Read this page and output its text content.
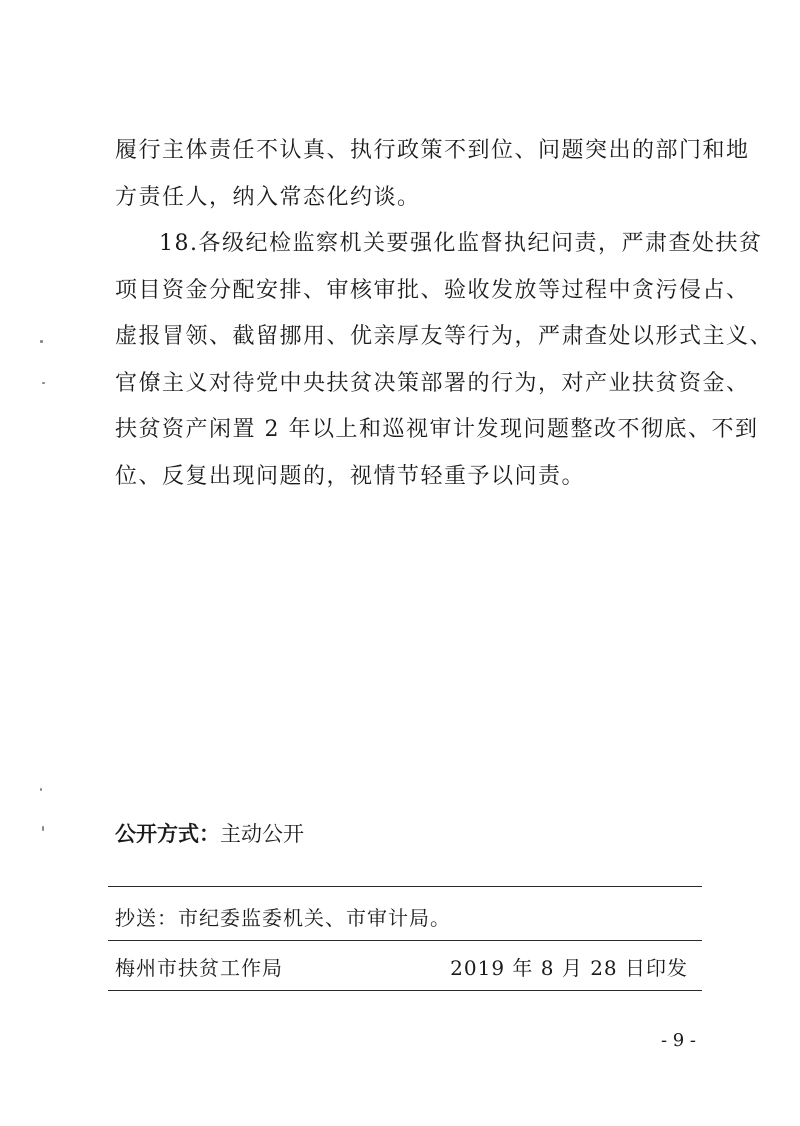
履行主体责任不认真、执行政策不到位、问题突出的部门和地
方责任人，纳入常态化约谈。
18.各级纪检监察机关要强化监督执纪问责，严肃查处扶贫
项目资金分配安排、审核审批、验收发放等过程中贪污侵占、
虚报冒领、截留挪用、优亲厚友等行为，严肃查处以形式主义、
官僚主义对待党中央扶贫决策部署的行为，对产业扶贫资金、
扶贫资产闲置 2 年以上和巡视审计发现问题整改不彻底、不到
位、反复出现问题的，视情节轻重予以问责。
公开方式：主动公开
抄送：市纪委监委机关、市审计局。
梅州市扶贫工作局	2019 年 8 月 28 日印发
- 9 -
